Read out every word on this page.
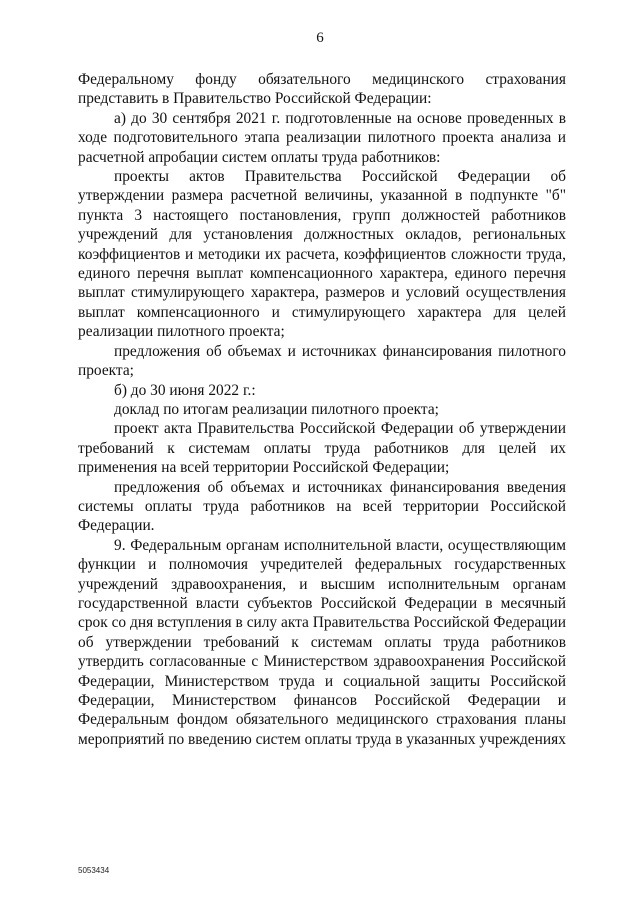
6

Федеральному фонду обязательного медицинского страхования представить в Правительство Российской Федерации:

а) до 30 сентября 2021 г. подготовленные на основе проведенных в ходе подготовительного этапа реализации пилотного проекта анализа и расчетной апробации систем оплаты труда работников:

проекты актов Правительства Российской Федерации об утверждении размера расчетной величины, указанной в подпункте "б" пункта 3 настоящего постановления, групп должностей работников учреждений для установления должностных окладов, региональных коэффициентов и методики их расчета, коэффициентов сложности труда, единого перечня выплат компенсационного характера, единого перечня выплат стимулирующего характера, размеров и условий осуществления выплат компенсационного и стимулирующего характера для целей реализации пилотного проекта;

предложения об объемах и источниках финансирования пилотного проекта;

б) до 30 июня 2022 г.:

доклад по итогам реализации пилотного проекта;

проект акта Правительства Российской Федерации об утверждении требований к системам оплаты труда работников для целей их применения на всей территории Российской Федерации;

предложения об объемах и источниках финансирования введения системы оплаты труда работников на всей территории Российской Федерации.

9. Федеральным органам исполнительной власти, осуществляющим функции и полномочия учредителей федеральных государственных учреждений здравоохранения, и высшим исполнительным органам государственной власти субъектов Российской Федерации в месячный срок со дня вступления в силу акта Правительства Российской Федерации об утверждении требований к системам оплаты труда работников утвердить согласованные с Министерством здравоохранения Российской Федерации, Министерством труда и социальной защиты Российской Федерации, Министерством финансов Российской Федерации и Федеральным фондом обязательного медицинского страхования планы мероприятий по введению систем оплаты труда в указанных учреждениях

5053434
